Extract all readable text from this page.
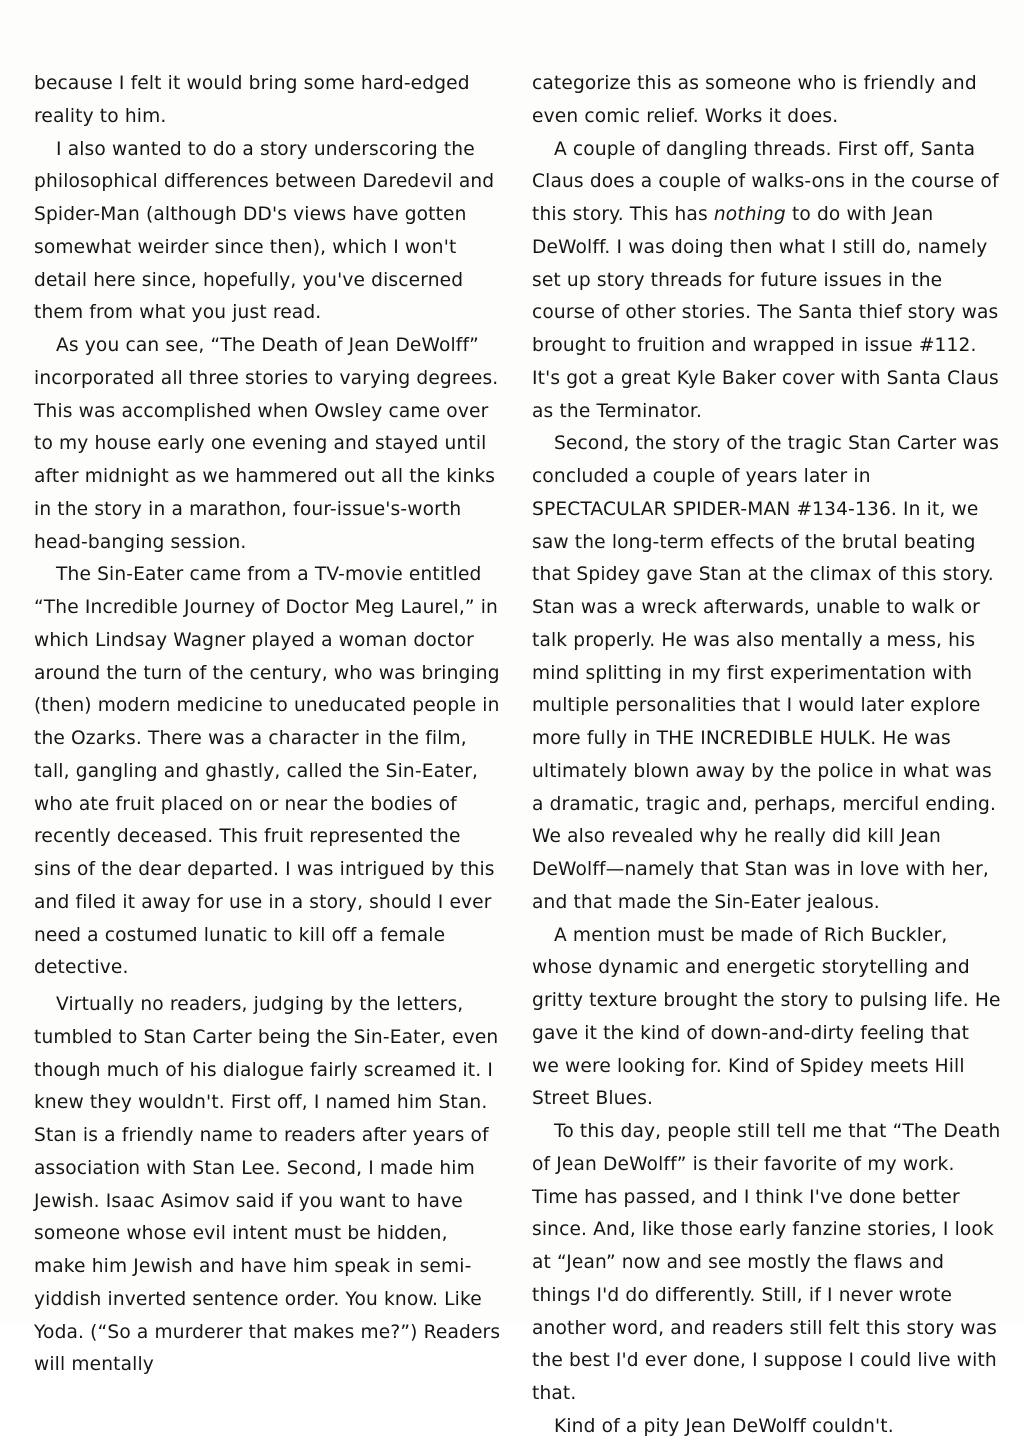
because I felt it would bring some hard-edged reality to him.

I also wanted to do a story underscoring the philosophical differences between Daredevil and Spider-Man (although DD's views have gotten somewhat weirder since then), which I won't detail here since, hopefully, you've discerned them from what you just read.

As you can see, “The Death of Jean DeWolff” incorporated all three stories to varying degrees. This was accomplished when Owsley came over to my house early one evening and stayed until after midnight as we hammered out all the kinks in the story in a marathon, four-issue's-worth head-banging session.

The Sin-Eater came from a TV-movie entitled “The Incredible Journey of Doctor Meg Laurel,” in which Lindsay Wagner played a woman doctor around the turn of the century, who was bringing (then) modern medicine to uneducated people in the Ozarks. There was a character in the film, tall, gangling and ghastly, called the Sin-Eater, who ate fruit placed on or near the bodies of recently deceased. This fruit represented the sins of the dear departed. I was intrigued by this and filed it away for use in a story, should I ever need a costumed lunatic to kill off a female detective.

Virtually no readers, judging by the letters, tumbled to Stan Carter being the Sin-Eater, even though much of his dialogue fairly screamed it. I knew they wouldn't. First off, I named him Stan. Stan is a friendly name to readers after years of association with Stan Lee. Second, I made him Jewish. Isaac Asimov said if you want to have someone whose evil intent must be hidden, make him Jewish and have him speak in semi-yiddish inverted sentence order. You know. Like Yoda. (“So a murderer that makes me?”) Readers will mentally

categorize this as someone who is friendly and even comic relief. Works it does.

A couple of dangling threads. First off, Santa Claus does a couple of walks-ons in the course of this story. This has nothing to do with Jean DeWolff. I was doing then what I still do, namely set up story threads for future issues in the course of other stories. The Santa thief story was brought to fruition and wrapped in issue #112. It's got a great Kyle Baker cover with Santa Claus as the Terminator.

Second, the story of the tragic Stan Carter was concluded a couple of years later in SPECTACULAR SPIDER-MAN #134-136. In it, we saw the long-term effects of the brutal beating that Spidey gave Stan at the climax of this story. Stan was a wreck afterwards, unable to walk or talk properly. He was also mentally a mess, his mind splitting in my first experimentation with multiple personalities that I would later explore more fully in THE INCREDIBLE HULK. He was ultimately blown away by the police in what was a dramatic, tragic and, perhaps, merciful ending. We also revealed why he really did kill Jean DeWolff—namely that Stan was in love with her, and that made the Sin-Eater jealous.

A mention must be made of Rich Buckler, whose dynamic and energetic storytelling and gritty texture brought the story to pulsing life. He gave it the kind of down-and-dirty feeling that we were looking for. Kind of Spidey meets Hill Street Blues.

To this day, people still tell me that “The Death of Jean DeWolff” is their favorite of my work. Time has passed, and I think I've done better since. And, like those early fanzine stories, I look at “Jean” now and see mostly the flaws and things I'd do differently. Still, if I never wrote another word, and readers still felt this story was the best I'd ever done, I suppose I could live with that.

Kind of a pity Jean DeWolff couldn't.
